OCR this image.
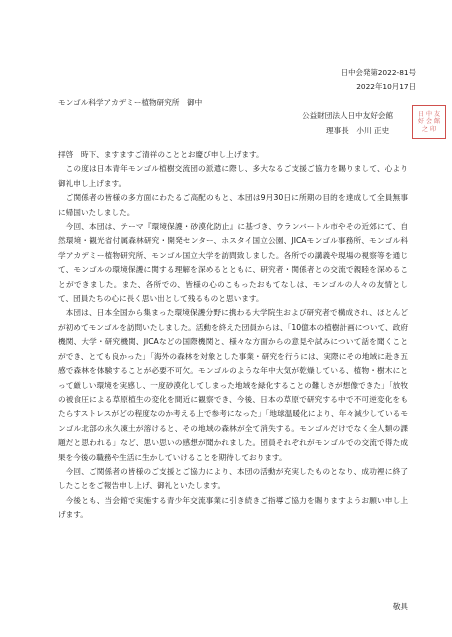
日中会発第2022-81号
2022年10月17日
モンゴル科学アカデミー植物研究所　御中
公益財団法人日中友好会館
理事長　小川 正史
日 中 友
好 会 館
之 印

拝啓　時下、ますますご清祥のこととお慶び申し上げます。

この度は日本青年モンゴル植樹交流団の派遣に際し、多大なるご支援ご協力を賜りまして、心より御礼申し上げます。

ご関係者の皆様の多方面にわたるご高配のもと、本団は9月30日に所期の目的を達成して全員無事に帰国いたしました。

今回、本団は、テーマ『環境保護・砂漠化防止』に基づき、ウランバートル市やその近郊にて、自然環境・観光省付属森林研究・開発センター、ホスタイ国立公園、JICAモンゴル事務所、モンゴル科学アカデミー植物研究所、モンゴル国立大学を訪問致しました。各所での講義や現場の視察等を通じて、モンゴルの環境保護に関する理解を深めるとともに、研究者・関係者との交流で親睦を深めることができました。また、各所での、皆様の心のこもったおもてなしは、モンゴルの人々の友情として、団員たちの心に長く思い出として残るものと思います。

本団は、日本全国から集まった環境保護分野に携わる大学院生および研究者で構成され、ほとんどが初めてモンゴルを訪問いたしました。活動を終えた団員からは、「10億本の植樹計画について、政府機関、大学・研究機関、JICAなどの国際機関と、様々な方面からの意見や試みについて話を聞くことができ、とても良かった」「海外の森林を対象とした事業・研究を行うには、実際にその地域に赴き五感で森林を体験することが必要不可欠。モンゴルのような年中大気が乾燥している、植物・樹木にとって厳しい環境を実感し、一度砂漠化してしまった地域を緑化することの難しさが想像できた」「放牧の被食圧による草原植生の変化を間近に観察でき、今後、日本の草原で研究する中で不可逆変化をもたらすストレスがどの程度なのか考える上で参考になった」「地球温暖化により、年々減少しているモンゴル北部の永久凍土が溶けると、その地域の森林が全て消失する。モンゴルだけでなく全人類の課題だと思われる」など、思い思いの感想が聞かれました。団員それぞれがモンゴルでの交流で得た成果を今後の職務や生活に生かしていけることを期待しております。

今回、ご関係者の皆様のご支援とご協力により、本団の活動が充実したものとなり、成功裡に終了したことをご報告申し上げ、御礼といたします。

今後とも、当会館で実施する青少年交流事業に引き続きご指導ご協力を賜りますようお願い申し上げます。

敬具
